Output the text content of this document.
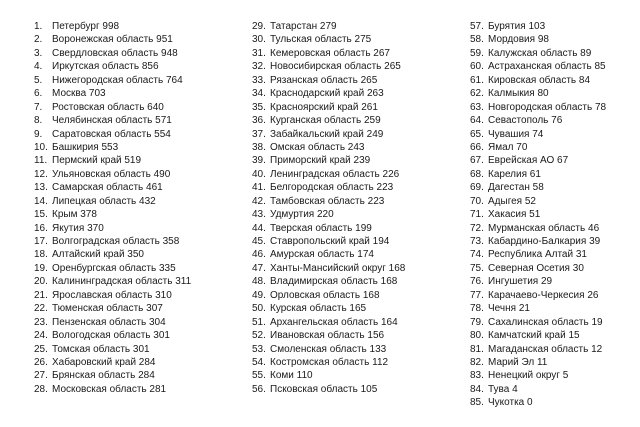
1. Петербург 998
2. Воронежская область 951
3. Свердловская область 948
4. Иркутская область 856
5. Нижегородская область 764
6. Москва 703
7. Ростовская область 640
8. Челябинская область 571
9. Саратовская область 554
10. Башкирия 553
11. Пермский край 519
12. Ульяновская область 490
13. Самарская область 461
14. Липецкая область 432
15. Крым 378
16. Якутия 370
17. Волгоградская область 358
18. Алтайский край 350
19. Оренбургская область 335
20. Калининградская область 311
21. Ярославская область 310
22. Тюменская область 307
23. Пензенская область 304
24. Вологодская область 301
25. Томская область 301
26. Хабаровский край 284
27. Брянская область 284
28. Московская область 281
29. Татарстан 279
30. Тульская область 275
31. Кемеровская область 267
32. Новосибирская область 265
33. Рязанская область 265
34. Краснодарский край 263
35. Красноярский край 261
36. Курганская область 259
37. Забайкальский край 249
38. Омская область 243
39. Приморский край 239
40. Ленинградская область 226
41. Белгородская область 223
42. Тамбовская область 223
43. Удмуртия 220
44. Тверская область 199
45. Ставропольский край 194
46. Амурская область 174
47. Ханты-Мансийский округ 168
48. Владимирская область 168
49. Орловская область 168
50. Курская область 165
51. Архангельская область 164
52. Ивановская область 156
53. Смоленская область 133
54. Костромская область 112
55. Коми 110
56. Псковская область 105
57. Бурятия 103
58. Мордовия 98
59. Калужская область 89
60. Астраханская область 85
61. Кировская область 84
62. Калмыкия 80
63. Новгородская область 78
64. Севастополь 76
65. Чувашия 74
66. Ямал 70
67. Еврейская АО 67
68. Карелия 61
69. Дагестан 58
70. Адыгея 52
71. Хакасия 51
72. Мурманская область 46
73. Кабардино-Балкария 39
74. Республика Алтай 31
75. Северная Осетия 30
76. Ингушетия 29
77. Карачаево-Черкесия 26
78. Чечня 21
79. Сахалинская область 19
80. Камчатский край 15
81. Магаданская область 12
82. Марий Эл 11
83. Ненецкий округ 5
84. Тува 4
85. Чукотка 0
